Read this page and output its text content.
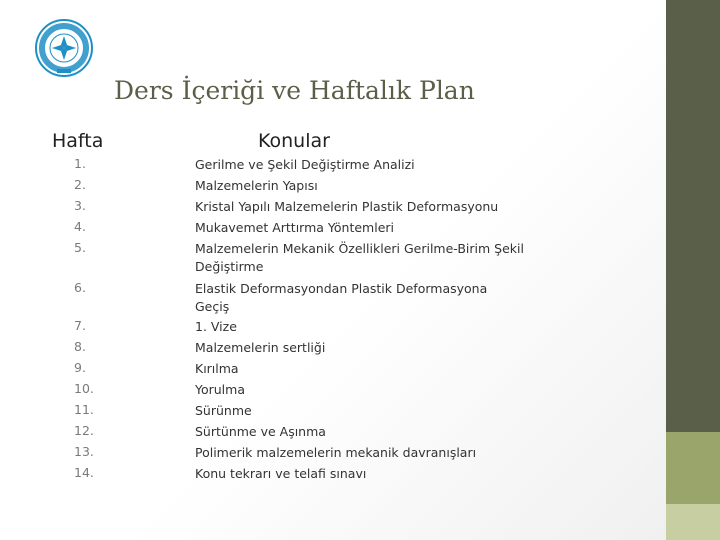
Ders İçeriği ve Haftalık Plan
Hafta	Konular
1.	Gerilme ve Şekil Değiştirme Analizi
2.	Malzemelerin Yapısı
3.	Kristal Yapılı Malzemelerin Plastik Deformasyonu
4.	Mukavemet Arttırma Yöntemleri
5.	Malzemelerin Mekanik Özellikleri Gerilme-Birim Şekil Değiştirme
6.	Elastik Deformasyondan Plastik Deformasyona Geçiş
7.	1. Vize
8.	Malzemelerin sertliği
9.	Kırılma
10.	Yorulma
11.	Sürünme
12.	Sürtünme ve Aşınma
13.	Polimerik malzemelerin mekanik davranışları
14.	Konu tekrarı ve telafi sınavı
